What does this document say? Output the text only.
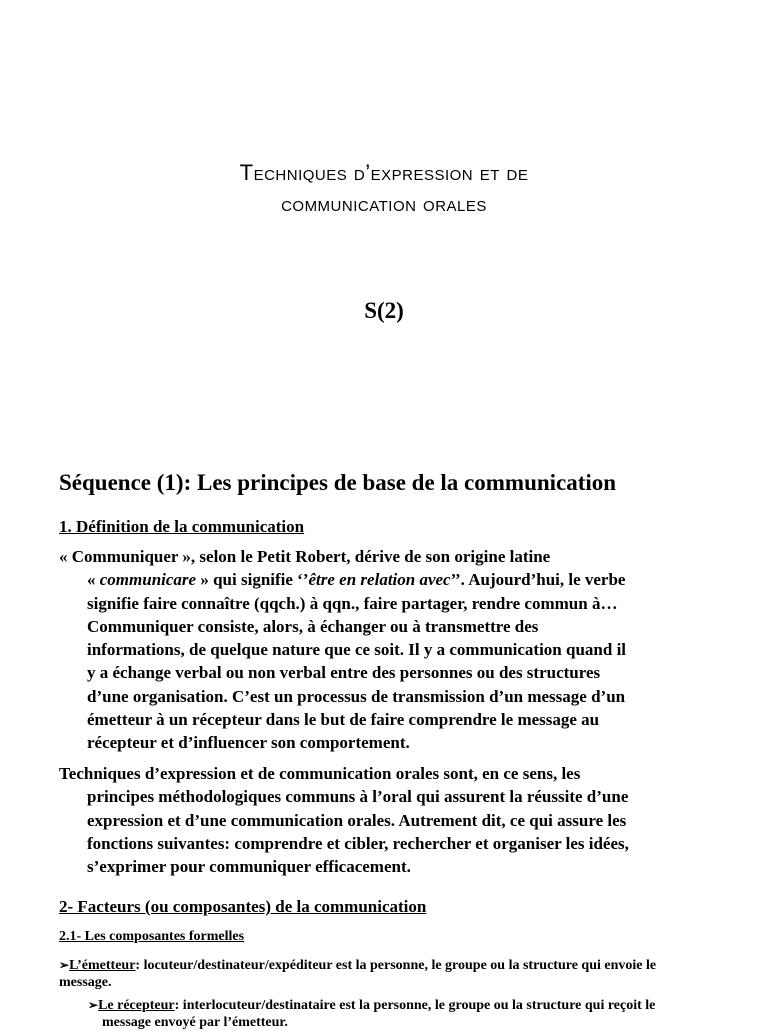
Techniques d’expression et de
communication orales
S(2)
Séquence (1): Les principes de base de la communication
1. Définition de la communication
« Communiquer », selon le Petit Robert, dérive de son origine latine
« communicare » qui signifie ‘’être en relation avec’’. Aujourd’hui, le verbe
signifie faire connaître (qqch.) à qqn., faire partager, rendre commun à…
Communiquer consiste, alors, à échanger ou à transmettre des
informations, de quelque nature que ce soit. Il y a communication quand il
y a échange verbal ou non verbal entre des personnes ou des structures
d’une organisation. C’est un processus de transmission d’un message d’un
émetteur à un récepteur dans le but de faire comprendre le message au
récepteur et d’influencer son comportement.
Techniques d’expression et de communication orales sont, en ce sens, les
principes méthodologiques communs à l’oral qui assurent la réussite d’une
expression et d’une communication orales. Autrement dit, ce qui assure les
fonctions suivantes: comprendre et cibler, rechercher et organiser les idées,
s’exprimer pour communiquer efficacement.
2- Facteurs (ou composantes) de la communication
2.1- Les composantes formelles
➢L’émetteur: locuteur/destinateur/expéditeur est la personne, le groupe ou la structure qui envoie le
message.
➢Le récepteur: interlocuteur/destinataire est la personne, le groupe ou la structure qui reçoit le
message envoyé par l’émetteur.
